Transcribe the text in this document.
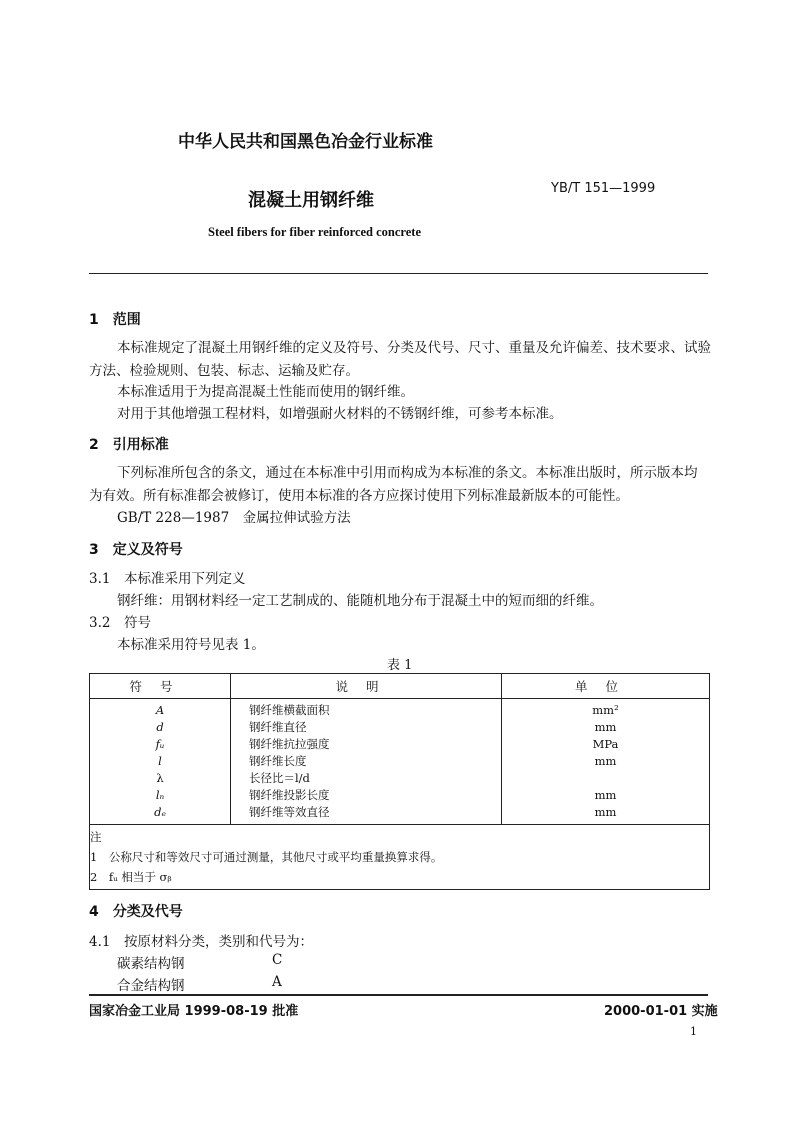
中华人民共和国黑色冶金行业标准
混凝土用钢纤维
YB/T 151—1999
Steel fibers for fiber reinforced concrete
1　范围
本标准规定了混凝土用钢纤维的定义及符号、分类及代号、尺寸、重量及允许偏差、技术要求、试验
方法、检验规则、包装、标志、运输及贮存。
本标准适用于为提高混凝土性能而使用的钢纤维。
对用于其他增强工程材料，如增强耐火材料的不锈钢纤维，可参考本标准。
2　引用标准
下列标准所包含的条文，通过在本标准中引用而构成为本标准的条文。本标准出版时，所示版本均
为有效。所有标准都会被修订，使用本标准的各方应探讨使用下列标准最新版本的可能性。
GB/T 228—1987　金属拉伸试验方法
3　定义及符号
3.1　本标准采用下列定义
钢纤维：用钢材料经一定工艺制成的、能随机地分布于混凝土中的短而细的纤维。
3.2　符号
本标准采用符号见表 1。
表 1
符号	说明	单位
A	钢纤维横截面积	mm²
d	钢纤维直径	mm
fᵤ	钢纤维抗拉强度	MPa
l	钢纤维长度	mm
λ	长径比＝l/d	
lₙ	钢纤维投影长度	mm
dₑ	钢纤维等效直径	mm
注		
1　公称尺寸和等效尺寸可通过测量，其他尺寸或平均重量换算求得。		
2　fᵤ 相当于 σᵦ		
4　分类及代号
4.1　按原材料分类，类别和代号为：
碳素结构钢	C
合金结构钢	A
国家冶金工业局 1999-08-19 批准	2000-01-01 实施
1
